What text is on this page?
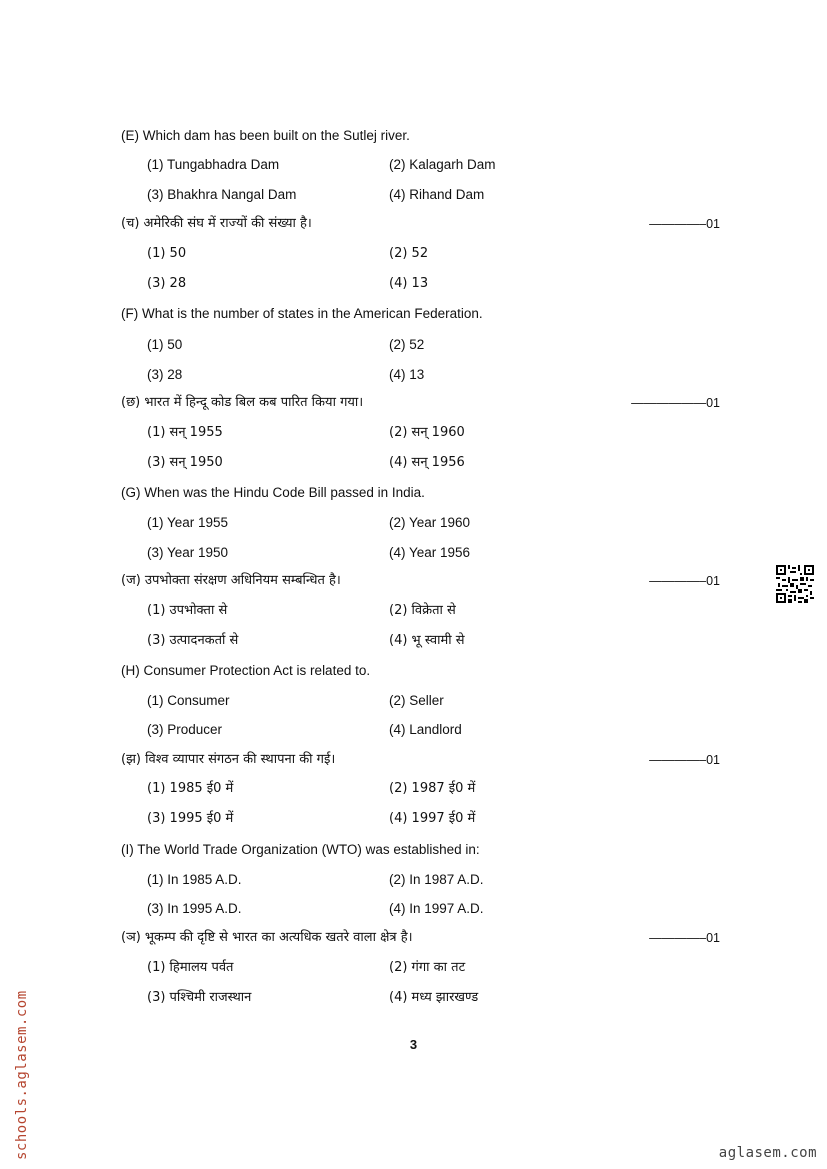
(E) Which dam has been built on the Sutlej river.
(1) Tungabhadra Dam	(2) Kalagarh Dam
(3) Bhakhra Nangal Dam	(4) Rihand Dam
(च) अमेरिकी संघ में राज्यों की संख्या है।	————–01
(1) 50	(2) 52
(3) 28	(4) 13
(F) What is the number of states in the American Federation.
(1) 50	(2) 52
(3) 28	(4) 13
(छ) भारत में हिन्दू कोड बिल कब पारित किया गया।	——————01
(1) सन् 1955	(2) सन् 1960
(3) सन् 1950	(4) सन् 1956
(G) When was the Hindu Code Bill passed in India.
(1) Year 1955	(2) Year 1960
(3) Year 1950	(4) Year 1956
(ज) उपभोक्ता संरक्षण अधिनियम सम्बन्धित है।	————–01
(1) उपभोक्ता से	(2) विक्रेता से
(3) उत्पादनकर्ता से	(4) भू स्वामी से
(H) Consumer Protection Act is related to.
(1) Consumer	(2) Seller
(3) Producer	(4) Landlord
(झ) विश्व व्यापार संगठन की स्थापना की गई।	————–01
(1) 1985 ई0 में	(2) 1987 ई0 में
(3) 1995 ई0 में	(4) 1997 ई0 में
(I) The World Trade Organization (WTO) was established in:
(1) In 1985 A.D.	(2) In 1987 A.D.
(3) In 1995 A.D.	(4) In 1997 A.D.
(ञ) भूकम्प की दृष्टि से भारत का अत्यधिक खतरे वाला क्षेत्र है।	————–01
(1) हिमालय पर्वत	(2) गंगा का तट
(3) पश्चिमी राजस्थान	(4) मध्य झारखण्ड
3
schools.aglasem.com	aglasem.com
